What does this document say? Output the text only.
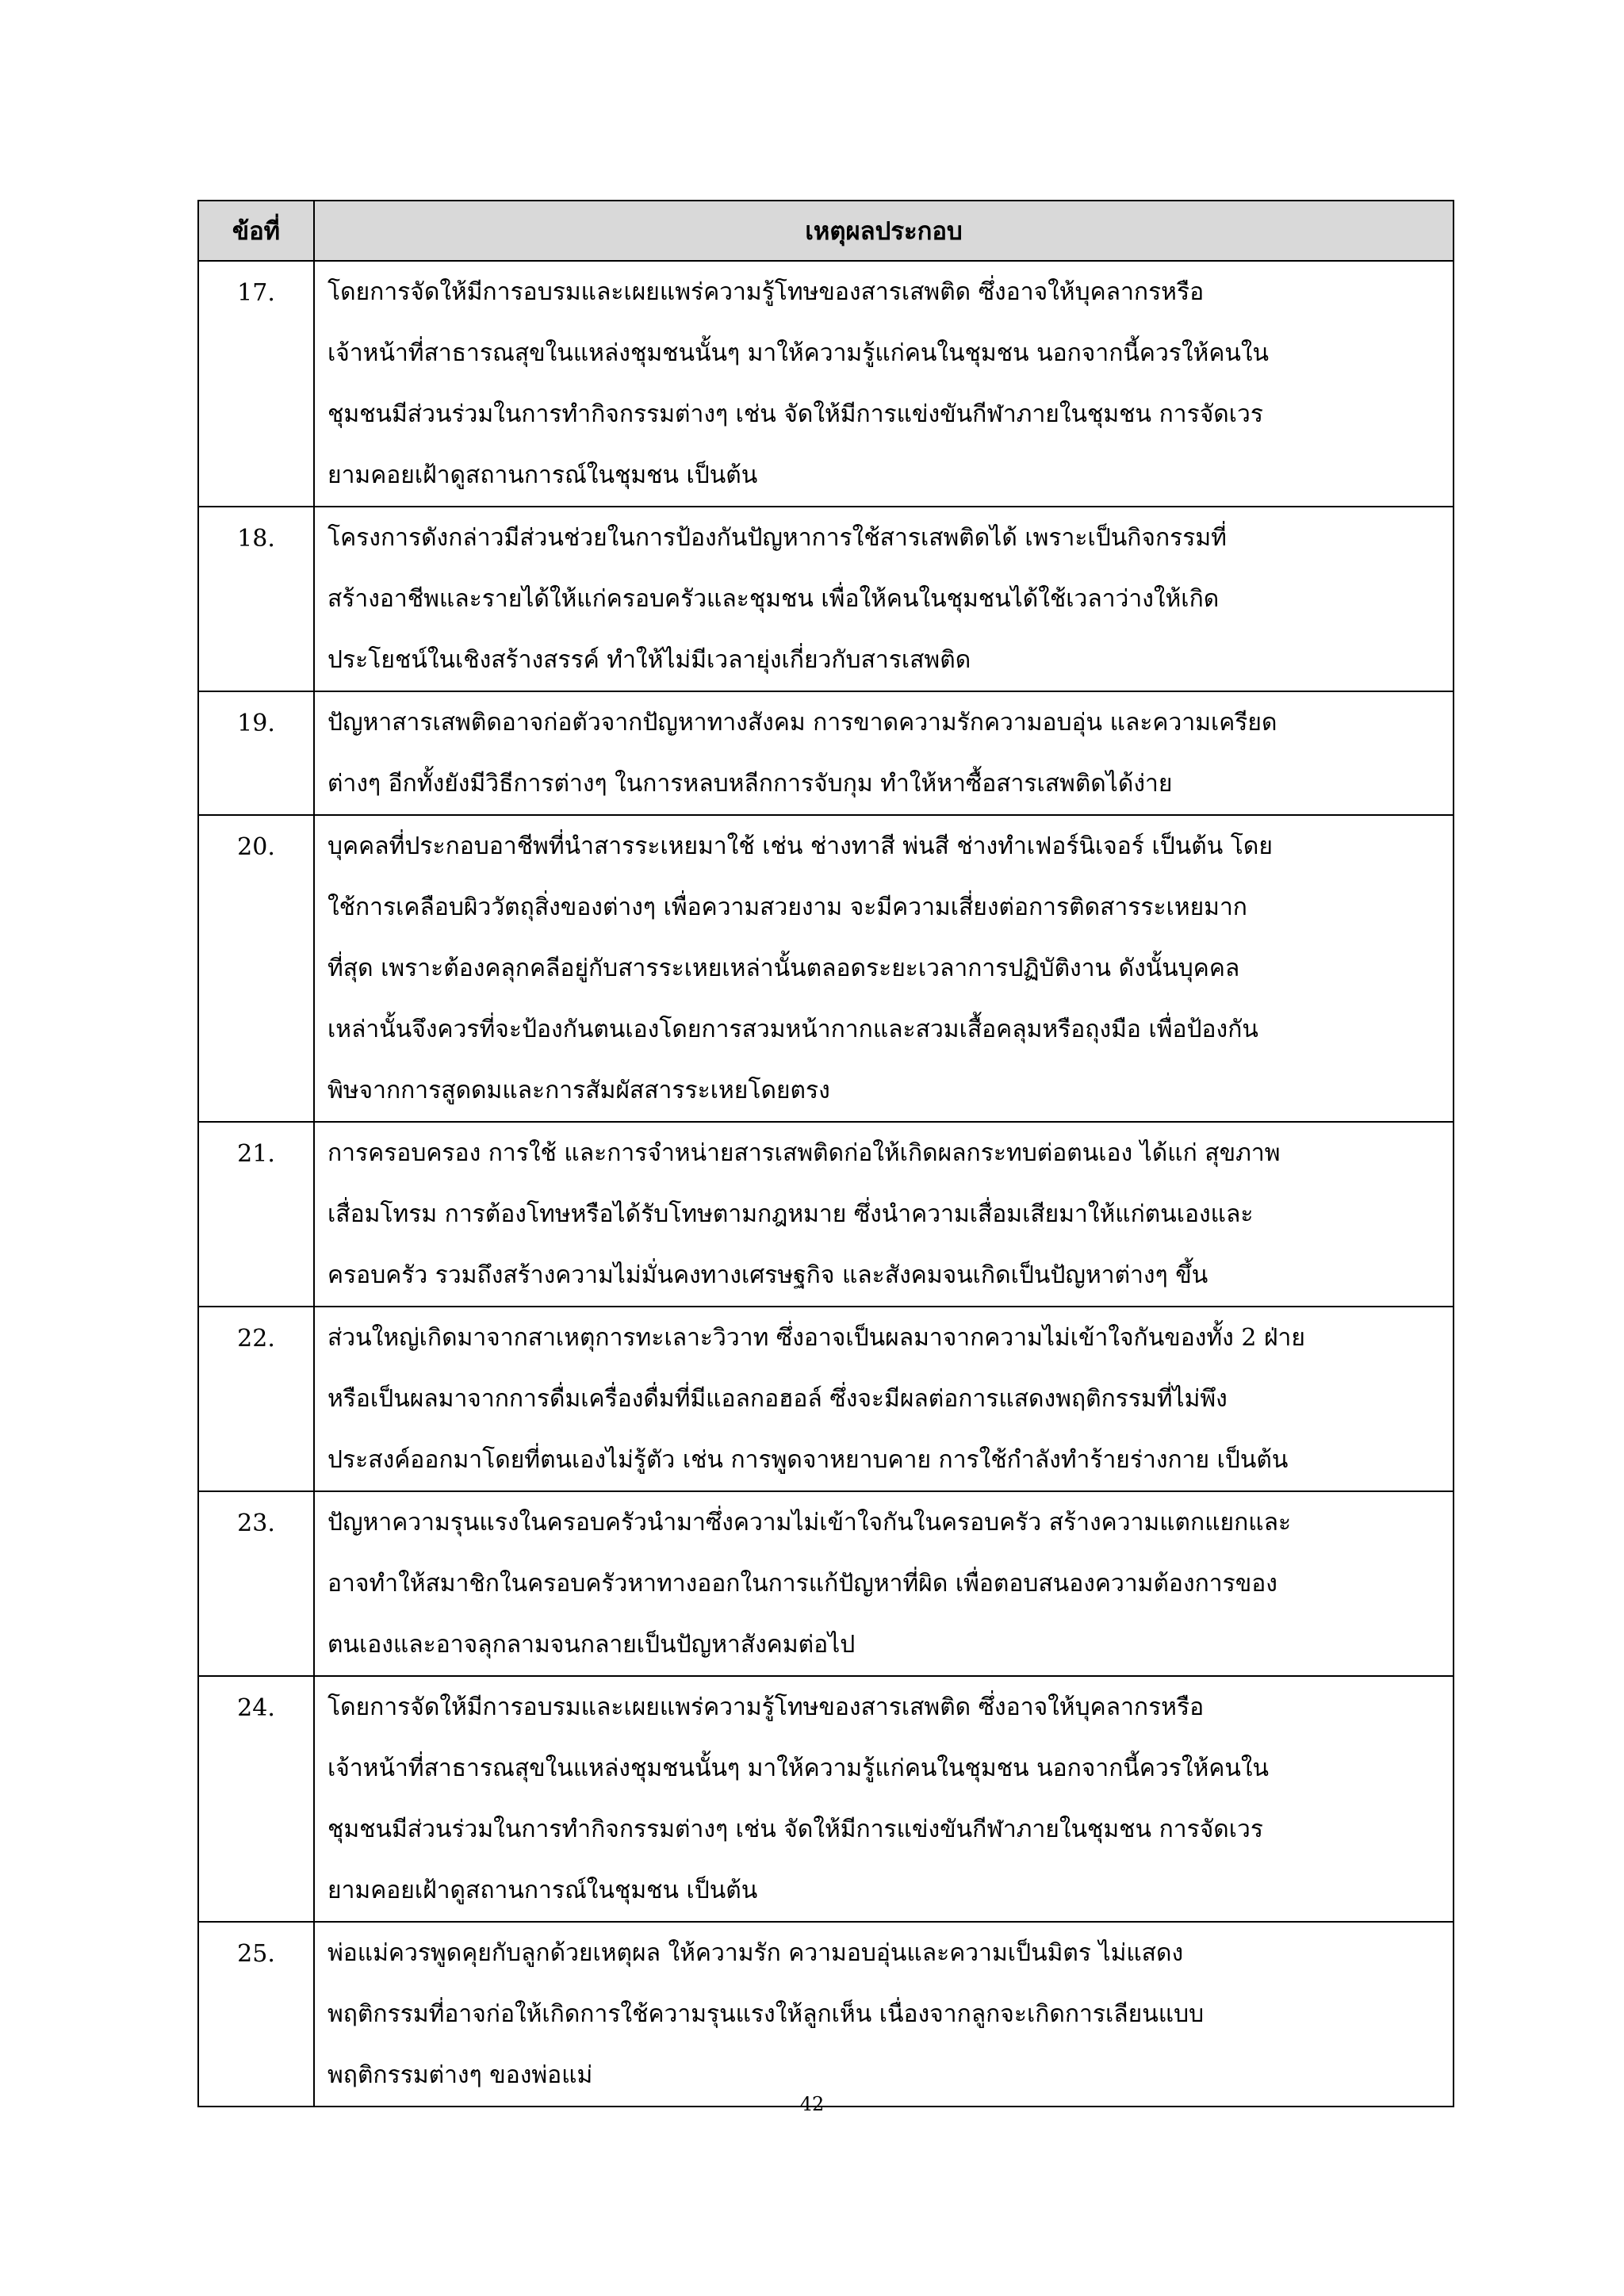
ข้อที่	เหตุผลประกอบ
17.	โดยการจัดให้มีการอบรมและเผยแพร่ความรู้โทษของสารเสพติด ซึ่งอาจให้บุคลากรหรือ
เจ้าหน้าที่สาธารณสุขในแหล่งชุมชนนั้นๆ มาให้ความรู้แก่คนในชุมชน นอกจากนี้ควรให้คนใน
ชุมชนมีส่วนร่วมในการทำกิจกรรมต่างๆ เช่น จัดให้มีการแข่งขันกีฬาภายในชุมชน การจัดเวร
ยามคอยเฝ้าดูสถานการณ์ในชุมชน เป็นต้น

18.	โครงการดังกล่าวมีส่วนช่วยในการป้องกันปัญหาการใช้สารเสพติดได้ เพราะเป็นกิจกรรมที่
สร้างอาชีพและรายได้ให้แก่ครอบครัวและชุมชน เพื่อให้คนในชุมชนได้ใช้เวลาว่างให้เกิด
ประโยชน์ในเชิงสร้างสรรค์ ทำให้ไม่มีเวลายุ่งเกี่ยวกับสารเสพติด

19.	ปัญหาสารเสพติดอาจก่อตัวจากปัญหาทางสังคม การขาดความรักความอบอุ่น และความเครียด
ต่างๆ อีกทั้งยังมีวิธีการต่างๆ ในการหลบหลีกการจับกุม ทำให้หาซื้อสารเสพติดได้ง่าย

20.	บุคคลที่ประกอบอาชีพที่นำสารระเหยมาใช้ เช่น ช่างทาสี พ่นสี ช่างทำเฟอร์นิเจอร์ เป็นต้น โดย
ใช้การเคลือบผิววัตถุสิ่งของต่างๆ เพื่อความสวยงาม จะมีความเสี่ยงต่อการติดสารระเหยมาก
ที่สุด เพราะต้องคลุกคลีอยู่กับสารระเหยเหล่านั้นตลอดระยะเวลาการปฏิบัติงาน ดังนั้นบุคคล
เหล่านั้นจึงควรที่จะป้องกันตนเองโดยการสวมหน้ากากและสวมเสื้อคลุมหรือถุงมือ เพื่อป้องกัน
พิษจากการสูดดมและการสัมผัสสารระเหยโดยตรง

21.	การครอบครอง การใช้ และการจำหน่ายสารเสพติดก่อให้เกิดผลกระทบต่อตนเอง ได้แก่ สุขภาพ
เสื่อมโทรม การต้องโทษหรือได้รับโทษตามกฎหมาย ซึ่งนำความเสื่อมเสียมาให้แก่ตนเองและ
ครอบครัว รวมถึงสร้างความไม่มั่นคงทางเศรษฐกิจ และสังคมจนเกิดเป็นปัญหาต่างๆ ขึ้น

22.	ส่วนใหญ่เกิดมาจากสาเหตุการทะเลาะวิวาท ซึ่งอาจเป็นผลมาจากความไม่เข้าใจกันของทั้ง 2 ฝ่าย
หรือเป็นผลมาจากการดื่มเครื่องดื่มที่มีแอลกอฮอล์ ซึ่งจะมีผลต่อการแสดงพฤติกรรมที่ไม่พึง
ประสงค์ออกมาโดยที่ตนเองไม่รู้ตัว เช่น การพูดจาหยาบคาย การใช้กำลังทำร้ายร่างกาย เป็นต้น

23.	ปัญหาความรุนแรงในครอบครัวนำมาซึ่งความไม่เข้าใจกันในครอบครัว สร้างความแตกแยกและ
อาจทำให้สมาชิกในครอบครัวหาทางออกในการแก้ปัญหาที่ผิด เพื่อตอบสนองความต้องการของ
ตนเองและอาจลุกลามจนกลายเป็นปัญหาสังคมต่อไป

24.	โดยการจัดให้มีการอบรมและเผยแพร่ความรู้โทษของสารเสพติด ซึ่งอาจให้บุคลากรหรือ
เจ้าหน้าที่สาธารณสุขในแหล่งชุมชนนั้นๆ มาให้ความรู้แก่คนในชุมชน นอกจากนี้ควรให้คนใน
ชุมชนมีส่วนร่วมในการทำกิจกรรมต่างๆ เช่น จัดให้มีการแข่งขันกีฬาภายในชุมชน การจัดเวร
ยามคอยเฝ้าดูสถานการณ์ในชุมชน เป็นต้น

25.	พ่อแม่ควรพูดคุยกับลูกด้วยเหตุผล ให้ความรัก ความอบอุ่นและความเป็นมิตร ไม่แสดง
พฤติกรรมที่อาจก่อให้เกิดการใช้ความรุนแรงให้ลูกเห็น เนื่องจากลูกจะเกิดการเลียนแบบ
พฤติกรรมต่างๆ ของพ่อแม่
42
